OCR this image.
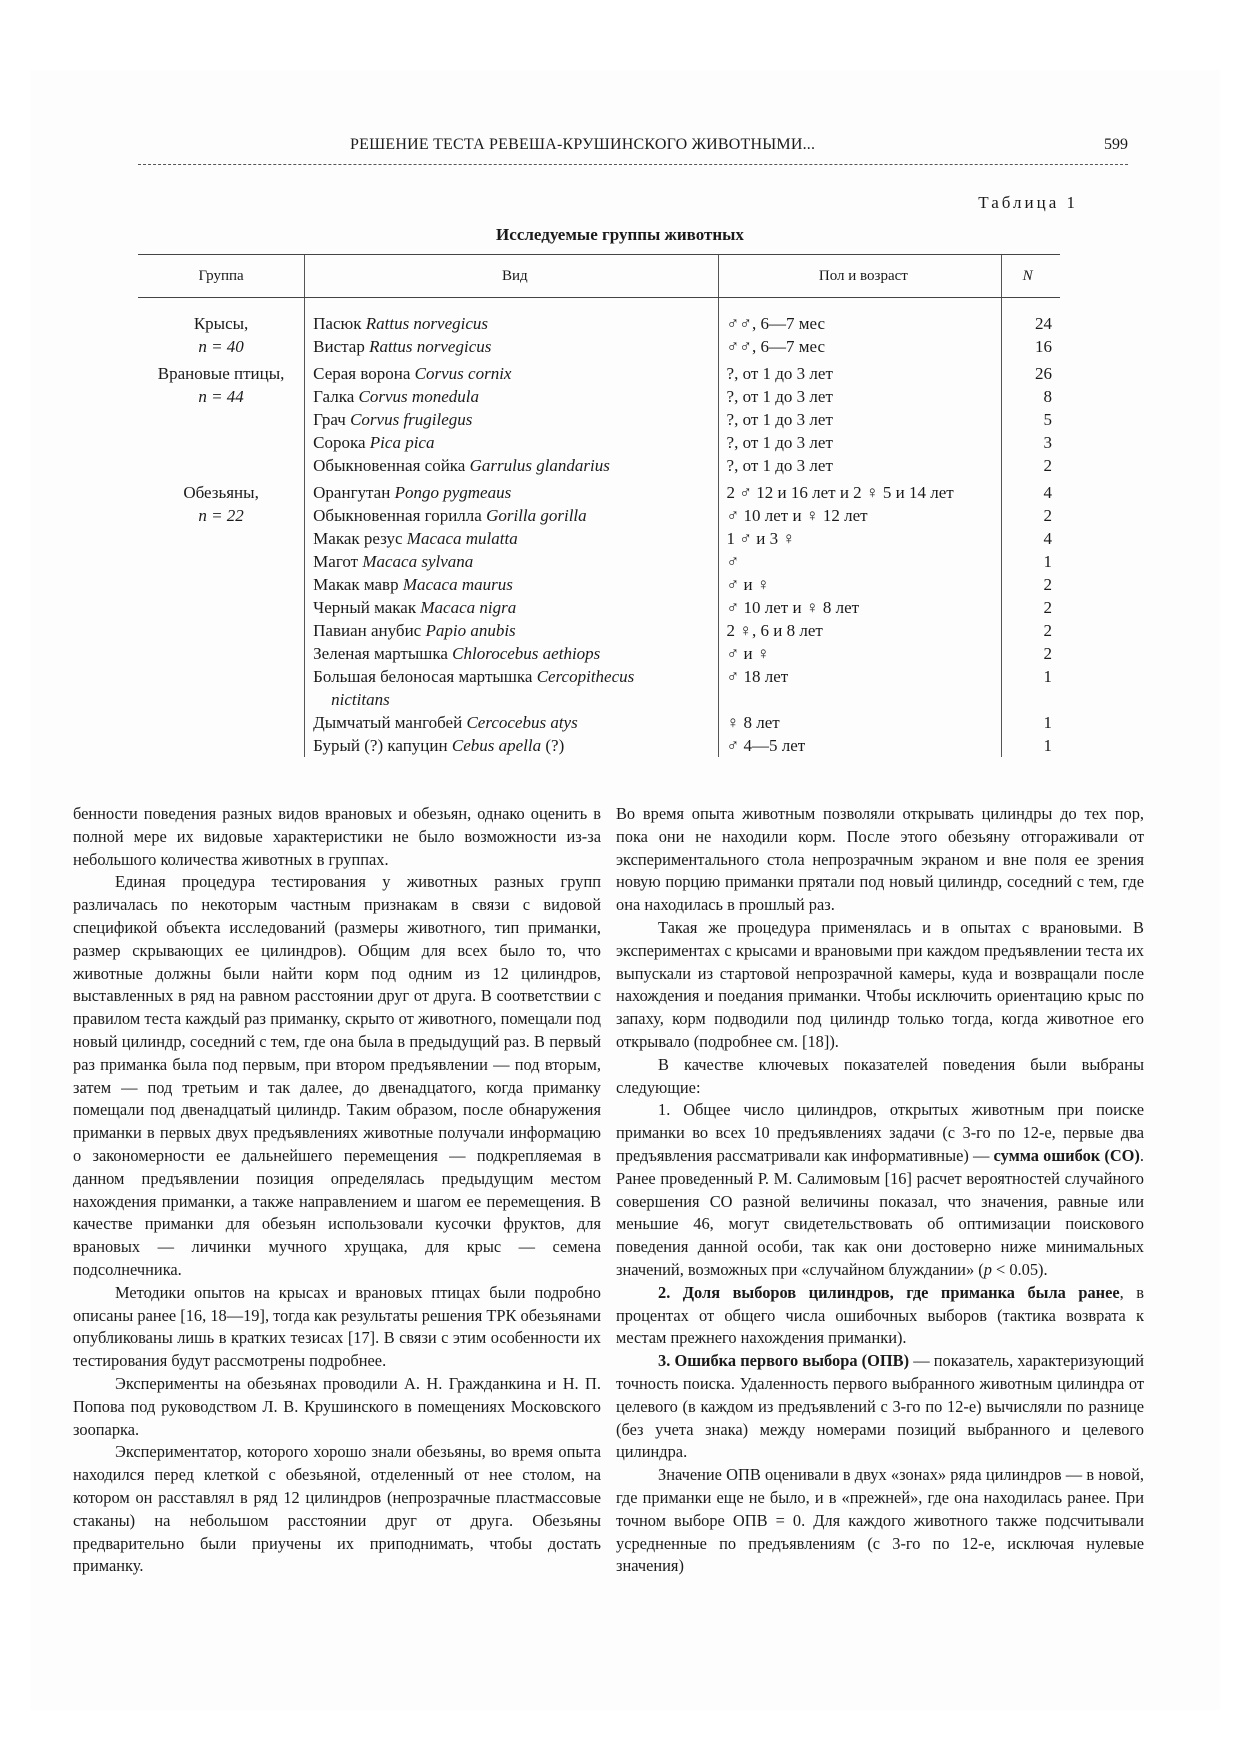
РЕШЕНИЕ ТЕСТА РЕВЕША-КРУШИНСКОГО ЖИВОТНЫМИ...	599
Таблица 1
Исследуемые группы животных
Группа	Вид	Пол и возраст	N

Крысы,	Пасюк Rattus norvegicus	♂♂, 6—7 мес	24
n = 40	Вистар Rattus norvegicus	♂♂, 6—7 мес	16

Врановые птицы,	Серая ворона Corvus cornix	?, от 1 до 3 лет	26
n = 44	Галка Corvus monedula	?, от 1 до 3 лет	8
	Грач Corvus frugilegus	?, от 1 до 3 лет	5
	Сорока Pica pica	?, от 1 до 3 лет	3
	Обыкновенная сойка Garrulus glandarius	?, от 1 до 3 лет	2

Обезьяны,	Орангутан Pongo pygmeaus	2 ♂ 12 и 16 лет и 2 ♀ 5 и 14 лет	4
n = 22	Обыкновенная горилла Gorilla gorilla	♂ 10 лет и ♀ 12 лет	2
	Макак резус Macaca mulatta	1 ♂ и 3 ♀	4
	Магот Macaca sylvana	♂	1
	Макак мавр Macaca maurus	♂ и ♀	2
	Черный макак Macaca nigra	♂ 10 лет и ♀ 8 лет	2
	Павиан анубис Papio anubis	2 ♀, 6 и 8 лет	2
	Зеленая мартышка Chlorocebus aethiops	♂ и ♀	2
	Большая белоносая мартышка Cercopithecus
nictitans	♂ 18 лет	1
	Дымчатый мангобей Cercocebus atys	♀ 8 лет	1
	Бурый (?) капуцин Cebus apella (?)	♂ 4—5 лет	1

бенности поведения разных видов врановых и обезьян, однако оценить в полной мере их видовые характеристики не было возможности из-за небольшого количества животных в группах.

Единая процедура тестирования у животных разных групп различалась по некоторым частным признакам в связи с видовой спецификой объекта исследований (размеры животного, тип приманки, размер скрывающих ее цилиндров). Общим для всех было то, что животные должны были найти корм под одним из 12 цилиндров, выставленных в ряд на равном расстоянии друг от друга. В соответствии с правилом теста каждый раз приманку, скрыто от животного, помещали под новый цилиндр, соседний с тем, где она была в предыдущий раз. В первый раз приманка была под первым, при втором предъявлении — под вторым, затем — под третьим и так далее, до двенадцатого, когда приманку помещали под двенадцатый цилиндр. Таким образом, после обнаружения приманки в первых двух предъявлениях животные получали информацию о закономерности ее дальнейшего перемещения — подкрепляемая в данном предъявлении позиция определялась предыдущим местом нахождения приманки, а также направлением и шагом ее перемещения. В качестве приманки для обезьян использовали кусочки фруктов, для врановых — личинки мучного хрущака, для крыс — семена подсолнечника.

Методики опытов на крысах и врановых птицах были подробно описаны ранее [16, 18—19], тогда как результаты решения ТРК обезьянами опубликованы лишь в кратких тезисах [17]. В связи с этим особенности их тестирования будут рассмотрены подробнее.

Эксперименты на обезьянах проводили А. Н. Гражданкина и Н. П. Попова под руководством Л. В. Крушинского в помещениях Московского зоопарка.

Экспериментатор, которого хорошо знали обезьяны, во время опыта находился перед клеткой с обезьяной, отделенный от нее столом, на котором он расставлял в ряд 12 цилиндров (непрозрачные пластмассовые стаканы) на небольшом расстоянии друг от друга. Обезьяны предварительно были приучены их приподнимать, чтобы достать приманку.

Во время опыта животным позволяли открывать цилиндры до тех пор, пока они не находили корм. После этого обезьяну отгораживали от экспериментального стола непрозрачным экраном и вне поля ее зрения новую порцию приманки прятали под новый цилиндр, соседний с тем, где она находилась в прошлый раз.

Такая же процедура применялась и в опытах с врановыми. В экспериментах с крысами и врановыми при каждом предъявлении теста их выпускали из стартовой непрозрачной камеры, куда и возвращали после нахождения и поедания приманки. Чтобы исключить ориентацию крыс по запаху, корм подводили под цилиндр только тогда, когда животное его открывало (подробнее см. [18]).

В качестве ключевых показателей поведения были выбраны следующие:

1. Общее число цилиндров, открытых животным при поиске приманки во всех 10 предъявлениях задачи (с 3-го по 12-е, первые два предъявления рассматривали как информативные) — сумма ошибок (СО). Ранее проведенный Р. М. Салимовым [16] расчет вероятностей случайного совершения СО разной величины показал, что значения, равные или меньшие 46, могут свидетельствовать об оптимизации поискового поведения данной особи, так как они достоверно ниже минимальных значений, возможных при «случайном блуждании» (p < 0.05).

2. Доля выборов цилиндров, где приманка была ранее, в процентах от общего числа ошибочных выборов (тактика возврата к местам прежнего нахождения приманки).

3. Ошибка первого выбора (ОПВ) — показатель, характеризующий точность поиска. Удаленность первого выбранного животным цилиндра от целевого (в каждом из предъявлений с 3-го по 12-е) вычисляли по разнице (без учета знака) между номерами позиций выбранного и целевого цилиндра.

Значение ОПВ оценивали в двух «зонах» ряда цилиндров — в новой, где приманки еще не было, и в «прежней», где она находилась ранее. При точном выборе ОПВ = 0. Для каждого животного также подсчитывали усредненные по предъявлениям (с 3-го по 12-е, исключая нулевые значения)
